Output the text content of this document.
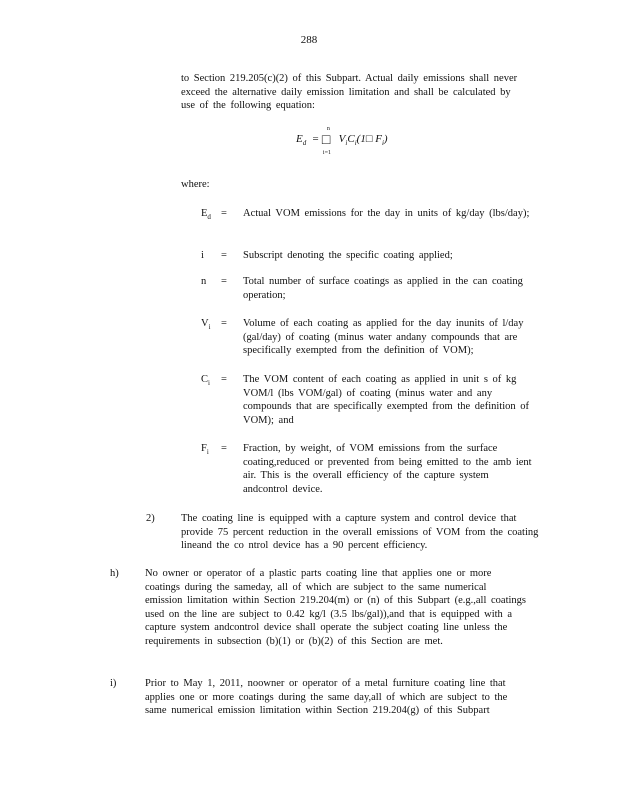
288
to Section 219.205(c)(2) of this Subpart. Actual daily emissions shall never exceed the alternative daily emission limitation and shall be calculated by use of the following equation:
$E_d$ =
n
□
i=1
$V_iC_i(1□$ $F_i$)
where:
$E_d$ =	Actual VOM emissions for the day in units of kg/day (lbs/day);
i	=	Subscript denoting the specific coating applied;
n	=	Total number of surface coatings as applied in the can coating operation;
$V_i$ =	Volume of each coating as applied for the day inunits of l/day (gal/day) of coating (minus water andany compounds that are specifically exempted from the definition of VOM);
$C_i$	=	The VOM content of each coating as applied in unit s of kg VOM/l (lbs VOM/gal) of coating (minus water and any compounds that are specifically exempted from the definition of VOM); and
$F_i$	=	Fraction, by weight, of VOM emissions from the surface coating,reduced or prevented from being emitted to the amb ient air. This is the overall efficiency of the capture system andcontrol device.
2)	The coating line is equipped with a capture system and control device that provide 75 percent reduction in the overall emissions of VOM from the coating lineand the co ntrol device has a 90 percent efficiency.
h)	No owner or operator of a plastic parts coating line that applies one or more coatings during the sameday, all of which are subject to the same numerical emission limitation within Section 219.204(m) or (n) of this Subpart (e.g.,all coatings used on the line are subject to 0.42 kg/l (3.5 lbs/gal)),and that is equipped with a capture system andcontrol device shall operate the subject coating line unless the requirements in subsection (b)(1) or (b)(2) of this Section are met.
i)	Prior to May 1, 2011, noowner or operator of a metal furniture coating line that applies one or more coatings during the same day,all of which are subject to the same numerical emission limitation within Section 219.204(g) of this Subpart
